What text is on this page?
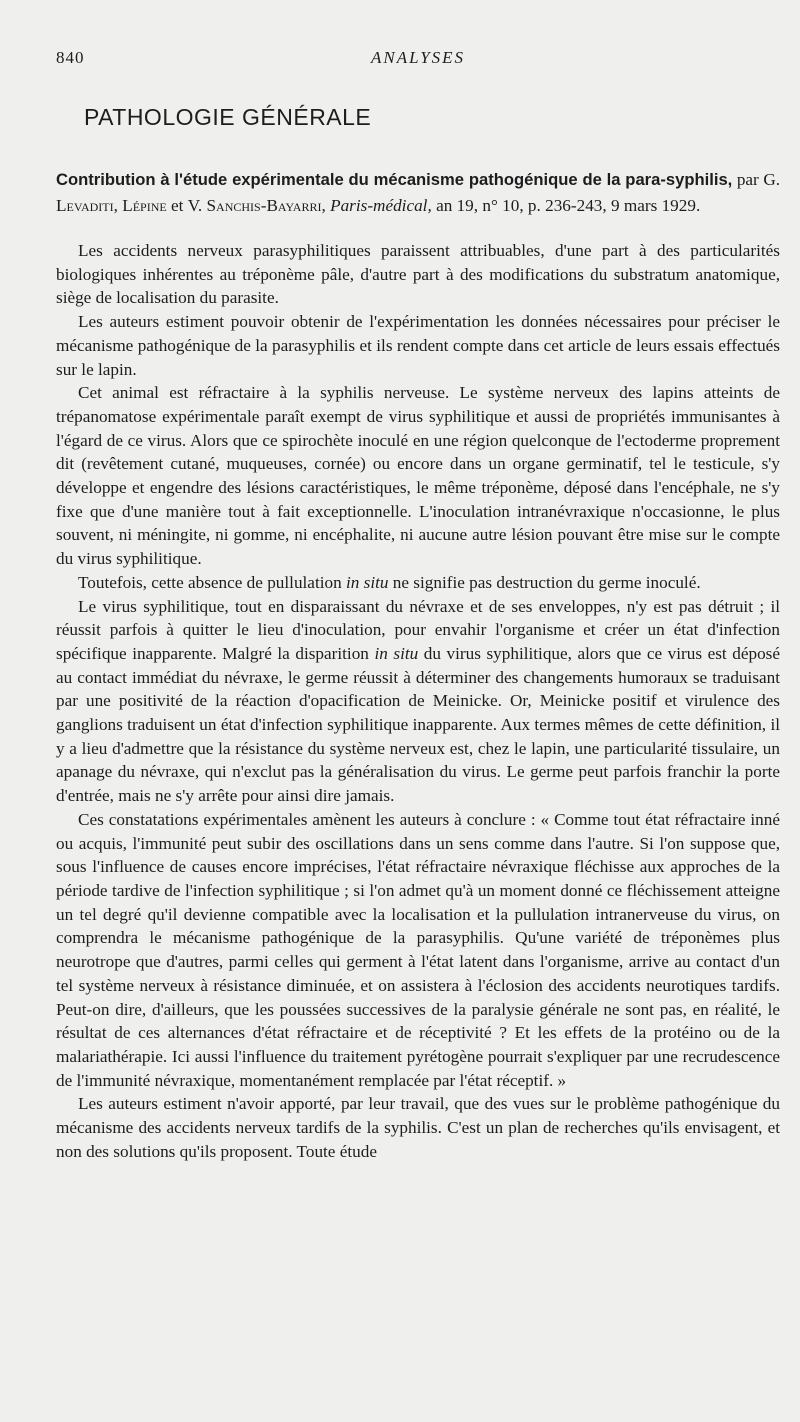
840	ANALYSES
PATHOLOGIE GÉNÉRALE
Contribution à l'étude expérimentale du mécanisme pathogénique de la para-syphilis, par G. Levaditi, Lépine et V. Sanchis-Bayarri, Paris-médical, an 19, n° 10, p. 236-243, 9 mars 1929.

Les accidents nerveux parasyphilitiques paraissent attribuables, d'une part à des particularités biologiques inhérentes au tréponème pâle, d'autre part à des modifications du substratum anatomique, siège de localisation du parasite.

Les auteurs estiment pouvoir obtenir de l'expérimentation les données nécessaires pour préciser le mécanisme pathogénique de la parasyphilis et ils rendent compte dans cet article de leurs essais effectués sur le lapin.

Cet animal est réfractaire à la syphilis nerveuse. Le système nerveux des lapins atteints de trépanomatose expérimentale paraît exempt de virus syphilitique et aussi de propriétés immunisantes à l'égard de ce virus. Alors que ce spirochète inoculé en une région quelconque de l'ectoderme proprement dit (revêtement cutané, muqueuses, cornée) ou encore dans un organe germinatif, tel le testicule, s'y développe et engendre des lésions caractéristiques, le même tréponème, déposé dans l'encéphale, ne s'y fixe que d'une manière tout à fait exceptionnelle. L'inoculation intranévraxique n'occasionne, le plus souvent, ni méningite, ni gomme, ni encéphalite, ni aucune autre lésion pouvant être mise sur le compte du virus syphilitique.

Toutefois, cette absence de pullulation in situ ne signifie pas destruction du germe inoculé.

Le virus syphilitique, tout en disparaissant du névraxe et de ses enveloppes, n'y est pas détruit ; il réussit parfois à quitter le lieu d'inoculation, pour envahir l'organisme et créer un état d'infection spécifique inapparente. Malgré la disparition in situ du virus syphilitique, alors que ce virus est déposé au contact immédiat du névraxe, le germe réussit à déterminer des changements humoraux se traduisant par une positivité de la réaction d'opacification de Meinicke. Or, Meinicke positif et virulence des ganglions traduisent un état d'infection syphilitique inapparente. Aux termes mêmes de cette définition, il y a lieu d'admettre que la résistance du système nerveux est, chez le lapin, une particularité tissulaire, un apanage du névraxe, qui n'exclut pas la généralisation du virus. Le germe peut parfois franchir la porte d'entrée, mais ne s'y arrête pour ainsi dire jamais.

Ces constatations expérimentales amènent les auteurs à conclure : « Comme tout état réfractaire inné ou acquis, l'immunité peut subir des oscillations dans un sens comme dans l'autre. Si l'on suppose que, sous l'influence de causes encore imprécises, l'état réfractaire névraxique fléchisse aux approches de la période tardive de l'infection syphilitique ; si l'on admet qu'à un moment donné ce fléchissement atteigne un tel degré qu'il devienne compatible avec la localisation et la pullulation intranerveuse du virus, on comprendra le mécanisme pathogénique de la parasyphilis. Qu'une variété de tréponèmes plus neurotrope que d'autres, parmi celles qui germent à l'état latent dans l'organisme, arrive au contact d'un tel système nerveux à résistance diminuée, et on assistera à l'éclosion des accidents neurotiques tardifs. Peut-on dire, d'ailleurs, que les poussées successives de la paralysie générale ne sont pas, en réalité, le résultat de ces alternances d'état réfractaire et de réceptivité ? Et les effets de la protéino ou de la malariathérapie. Ici aussi l'influence du traitement pyrétogène pourrait s'expliquer par une recrudescence de l'immunité névraxique, momentanément remplacée par l'état réceptif. »

Les auteurs estiment n'avoir apporté, par leur travail, que des vues sur le problème pathogénique du mécanisme des accidents nerveux tardifs de la syphilis. C'est un plan de recherches qu'ils envisagent, et non des solutions qu'ils proposent. Toute étude
